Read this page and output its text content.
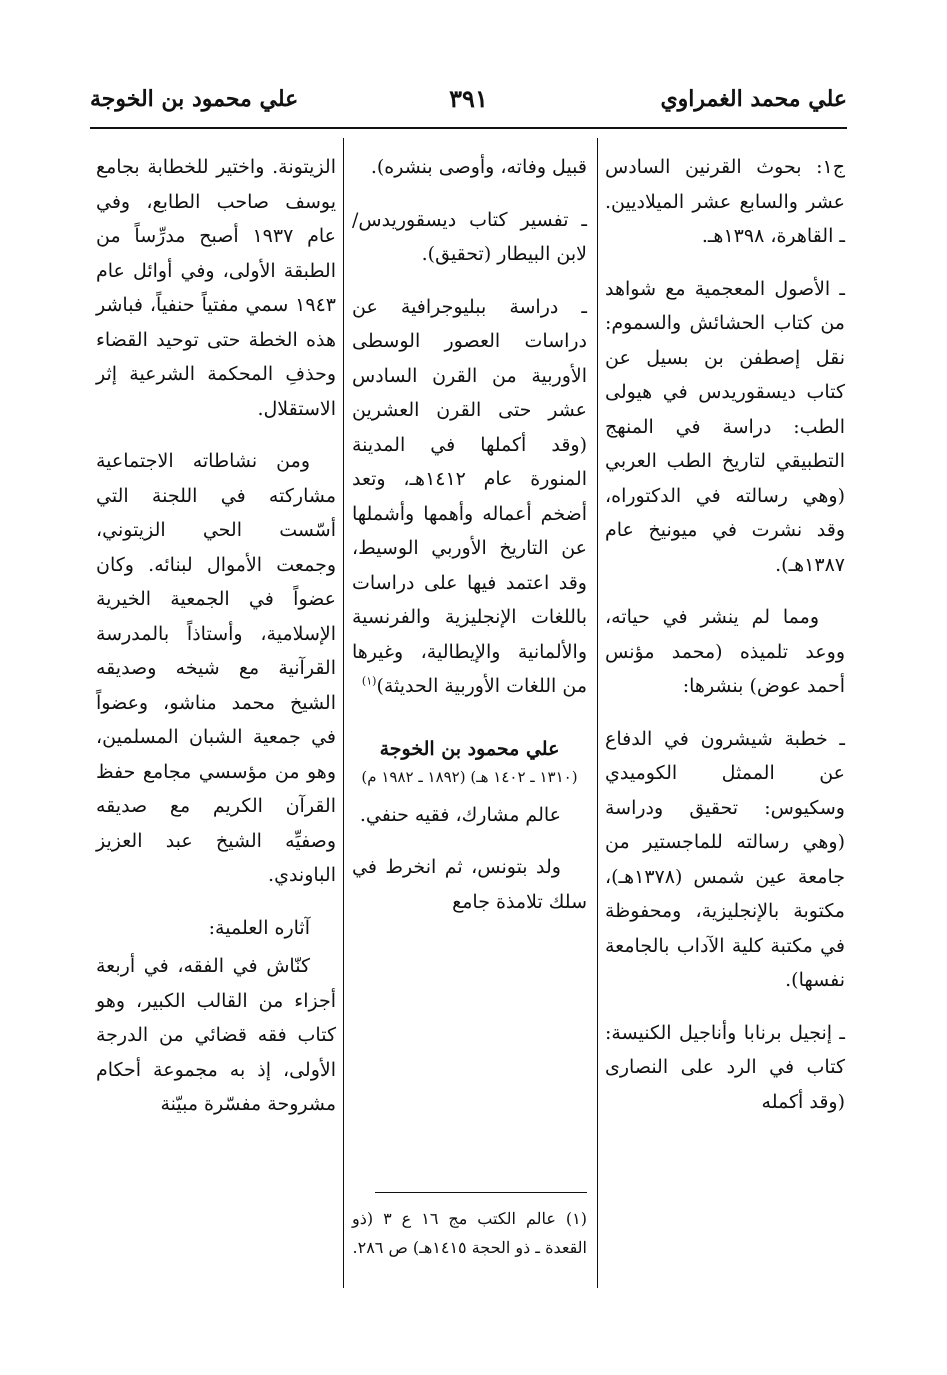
علي محمد الغمراوي
٣٩١
علي محمود بن الخوجة

ج١: بحوث القرنين السادس عشر والسابع عشر الميلاديين. ـ القاهرة، ١٣٩٨هـ.

ـ الأصول المعجمية مع شواهد من كتاب الحشائش والسموم: نقل إصطفن بن بسيل عن كتاب ديسقوريدس في هيولى الطب: دراسة في المنهج التطبيقي لتاريخ الطب العربي (وهي رسالته في الدكتوراه، وقد نشرت في ميونيخ عام ١٣٨٧هـ).

ومما لم ينشر في حياته، ووعد تلميذه (محمد مؤنس أحمد عوض) بنشرها:

ـ خطبة شيشرون في الدفاع عن الممثل الكوميدي وسكيوس: تحقيق ودراسة (وهي رسالته للماجستير من جامعة عين شمس (١٣٧٨هـ)، مكتوبة بالإنجليزية، ومحفوظة في مكتبة كلية الآداب بالجامعة نفسها).

ـ إنجيل برنابا وأناجيل الكنيسة: كتاب في الرد على النصارى (وقد أكمله

قبيل وفاته، وأوصى بنشره).

ـ تفسير كتاب ديسقوريدس/ لابن البيطار (تحقيق).

ـ دراسة ببليوجرافية عن دراسات العصور الوسطى الأوربية من القرن السادس عشر حتى القرن العشرين (وقد أكملها في المدينة المنورة عام ١٤١٢هـ، وتعد أضخم أعماله وأهمها وأشملها عن التاريخ الأوربي الوسيط، وقد اعتمد فيها على دراسات باللغات الإنجليزية والفرنسية والألمانية والإيطالية، وغيرها من اللغات الأوربية الحديثة)$^{(١)}$

علي محمود بن الخوجة
(١٣١٠ ـ ١٤٠٢ هـ) (١٨٩٢ ـ ١٩٨٢ م)

عالم مشارك، فقيه حنفي.

ولد بتونس، ثم انخرط في سلك تلامذة جامع

(١) عالم الكتب مج ١٦ ع ٣ (ذو القعدة ـ ذو الحجة ١٤١٥هـ) ص ٢٨٦.

الزيتونة. واختير للخطابة بجامع يوسف صاحب الطابع، وفي عام ١٩٣٧ أصبح مدرِّساً من الطبقة الأولى، وفي أوائل عام ١٩٤٣ سمي مفتياً حنفياً، فباشر هذه الخطة حتى توحيد القضاء وحذفِ المحكمة الشرعية إثر الاستقلال.

ومن نشاطاته الاجتماعية مشاركته في اللجنة التي أسّست الحي الزيتوني، وجمعت الأموال لبنائه. وكان عضواً في الجمعية الخيرية الإسلامية، وأستاذاً بالمدرسة القرآنية مع شيخه وصديقه الشيخ محمد مناشو، وعضواً في جمعية الشبان المسلمين، وهو من مؤسسي مجامع حفظ القرآن الكريم مع صديقه وصفيِّه الشيخ عبد العزيز الباوندي.

آثاره العلمية:

كنّاش في الفقه، في أربعة أجزاء من القالب الكبير، وهو كتاب فقه قضائي من الدرجة الأولى، إذ به مجموعة أحكام مشروحة مفسّرة مبيّنة
